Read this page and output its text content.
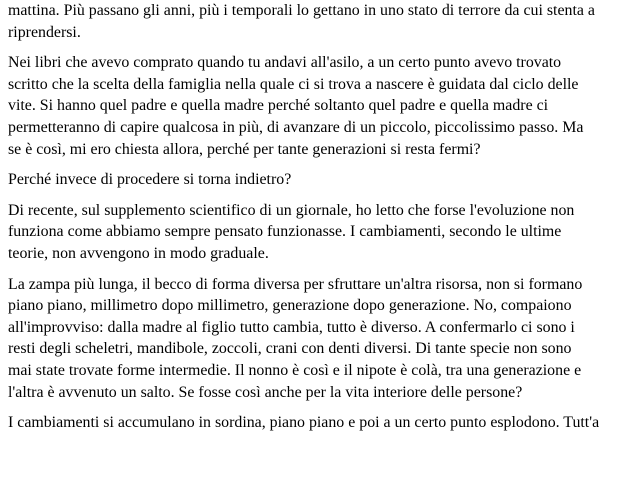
mattina. Più passano gli anni, più i temporali lo gettano in uno stato di terrore da cui stenta a
riprendersi.

Nei libri che avevo comprato quando tu andavi all'asilo, a un certo punto avevo trovato
scritto che la scelta della famiglia nella quale ci si trova a nascere è guidata dal ciclo delle
vite. Si hanno quel padre e quella madre perché soltanto quel padre e quella madre ci
permetteranno di capire qualcosa in più, di avanzare di un piccolo, piccolissimo passo. Ma
se è così, mi ero chiesta allora, perché per tante generazioni si resta fermi?

Perché invece di procedere si torna indietro?

Di recente, sul supplemento scientifico di un giornale, ho letto che forse l'evoluzione non
funziona come abbiamo sempre pensato funzionasse. I cambiamenti, secondo le ultime
teorie, non avvengono in modo graduale.

La zampa più lunga, il becco di forma diversa per sfruttare un'altra risorsa, non si formano
piano piano, millimetro dopo millimetro, generazione dopo generazione. No, compaiono
all'improvviso: dalla madre al figlio tutto cambia, tutto è diverso. A confermarlo ci sono i
resti degli scheletri, mandibole, zoccoli, crani con denti diversi. Di tante specie non sono
mai state trovate forme intermedie. Il nonno è così e il nipote è colà, tra una generazione e
l'altra è avvenuto un salto. Se fosse così anche per la vita interiore delle persone?

I cambiamenti si accumulano in sordina, piano piano e poi a un certo punto esplodono. Tutt'a
